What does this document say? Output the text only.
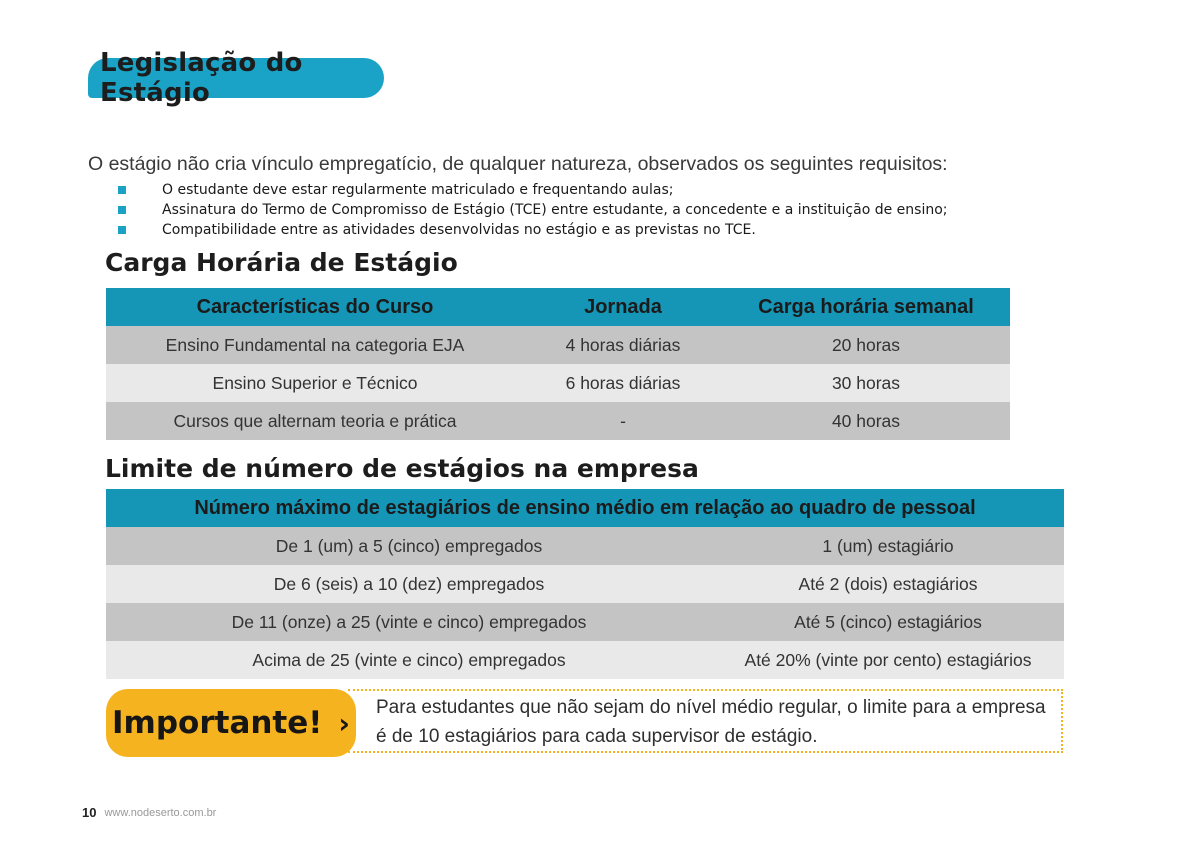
Legislação do Estágio
O estágio não cria vínculo empregatício, de qualquer natureza, observados os seguintes requisitos:
O estudante deve estar regularmente matriculado e frequentando aulas;
Assinatura do Termo de Compromisso de Estágio (TCE) entre estudante, a concedente e a instituição de ensino;
Compatibilidade entre as atividades desenvolvidas no estágio e as previstas no TCE.
Carga Horária de Estágio
Características do Curso	Jornada	Carga horária semanal
Ensino Fundamental na categoria EJA	4 horas diárias	20 horas
Ensino Superior e Técnico	6 horas diárias	30 horas
Cursos que alternam teoria e prática	-	40 horas
Limite de número de estágios na empresa
Número máximo de estagiários de ensino médio em relação ao quadro de pessoal	
De 1 (um) a 5 (cinco) empregados	1 (um) estagiário
De 6 (seis) a 10 (dez) empregados	Até 2 (dois) estagiários
De 11 (onze) a 25 (vinte e cinco) empregados	Até 5 (cinco) estagiários
Acima de 25 (vinte e cinco) empregados	Até 20% (vinte por cento) estagiários
Importante! › Para estudantes que não sejam do nível médio regular, o limite para a empresa é de 10 estagiários para cada supervisor de estágio.
10 www.nodeserto.com.br
